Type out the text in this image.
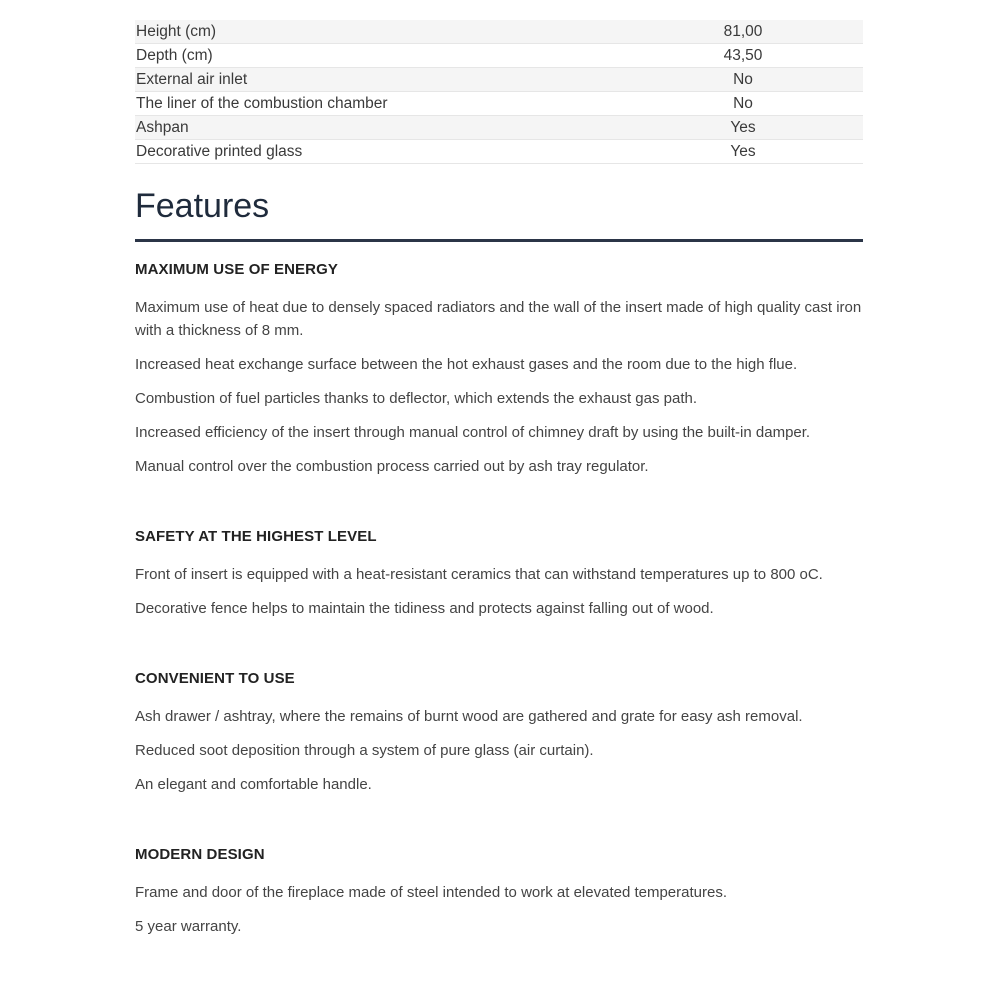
Height (cm)	81,00
Depth (cm)	43,50
External air inlet	No
The liner of the combustion chamber	No
Ashpan	Yes
Decorative printed glass	Yes
Features
MAXIMUM USE OF ENERGY

Maximum use of heat due to densely spaced radiators and the wall of the insert made of high quality cast iron with a thickness of 8 mm.

Increased heat exchange surface between the hot exhaust gases and the room due to the high flue.

Combustion of fuel particles thanks to deflector, which extends the exhaust gas path.

Increased efficiency of the insert through manual control of chimney draft by using the built-in damper.

Manual control over the combustion process carried out by ash tray regulator.

SAFETY AT THE HIGHEST LEVEL

Front of insert is equipped with a heat-resistant ceramics that can withstand temperatures up to 800 oC.

Decorative fence helps to maintain the tidiness and protects against falling out of wood.

CONVENIENT TO USE

Ash drawer / ashtray, where the remains of burnt wood are gathered and grate for easy ash removal.

Reduced soot deposition through a system of pure glass (air curtain).

An elegant and comfortable handle.

MODERN DESIGN

Frame and door of the fireplace made of steel intended to work at elevated temperatures.

5 year warranty.
